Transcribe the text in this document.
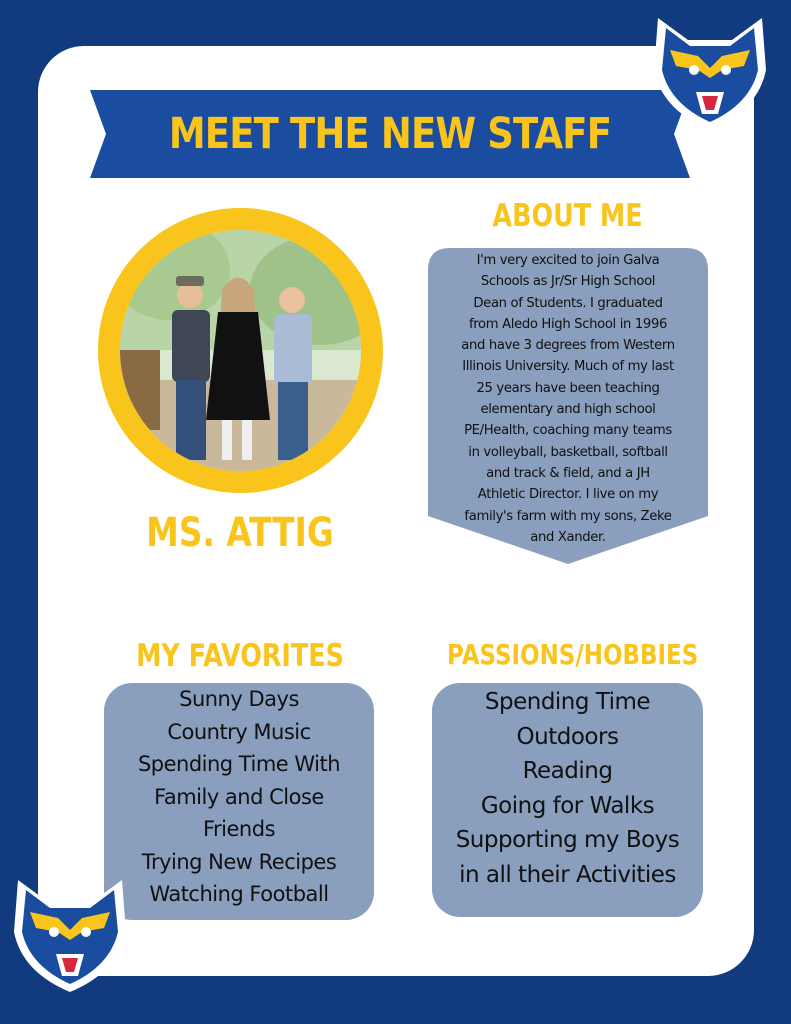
MEET THE NEW STAFF
MS. ATTIG
ABOUT ME
I'm very excited to join Galva
Schools as Jr/Sr High School
Dean of Students. I graduated
from Aledo High School in 1996
and have 3 degrees from Western
Illinois University. Much of my last
25 years have been teaching
elementary and high school
PE/Health, coaching many teams
in volleyball, basketball, softball
and track & field, and a JH
Athletic Director. I live on my
family's farm with my sons, Zeke
and Xander.
MY FAVORITES
Sunny Days
Country Music
Spending Time With
Family and Close
Friends
Trying New Recipes
Watching Football
PASSIONS/HOBBIES
Spending Time
Outdoors
Reading
Going for Walks
Supporting my Boys
in all their Activities
